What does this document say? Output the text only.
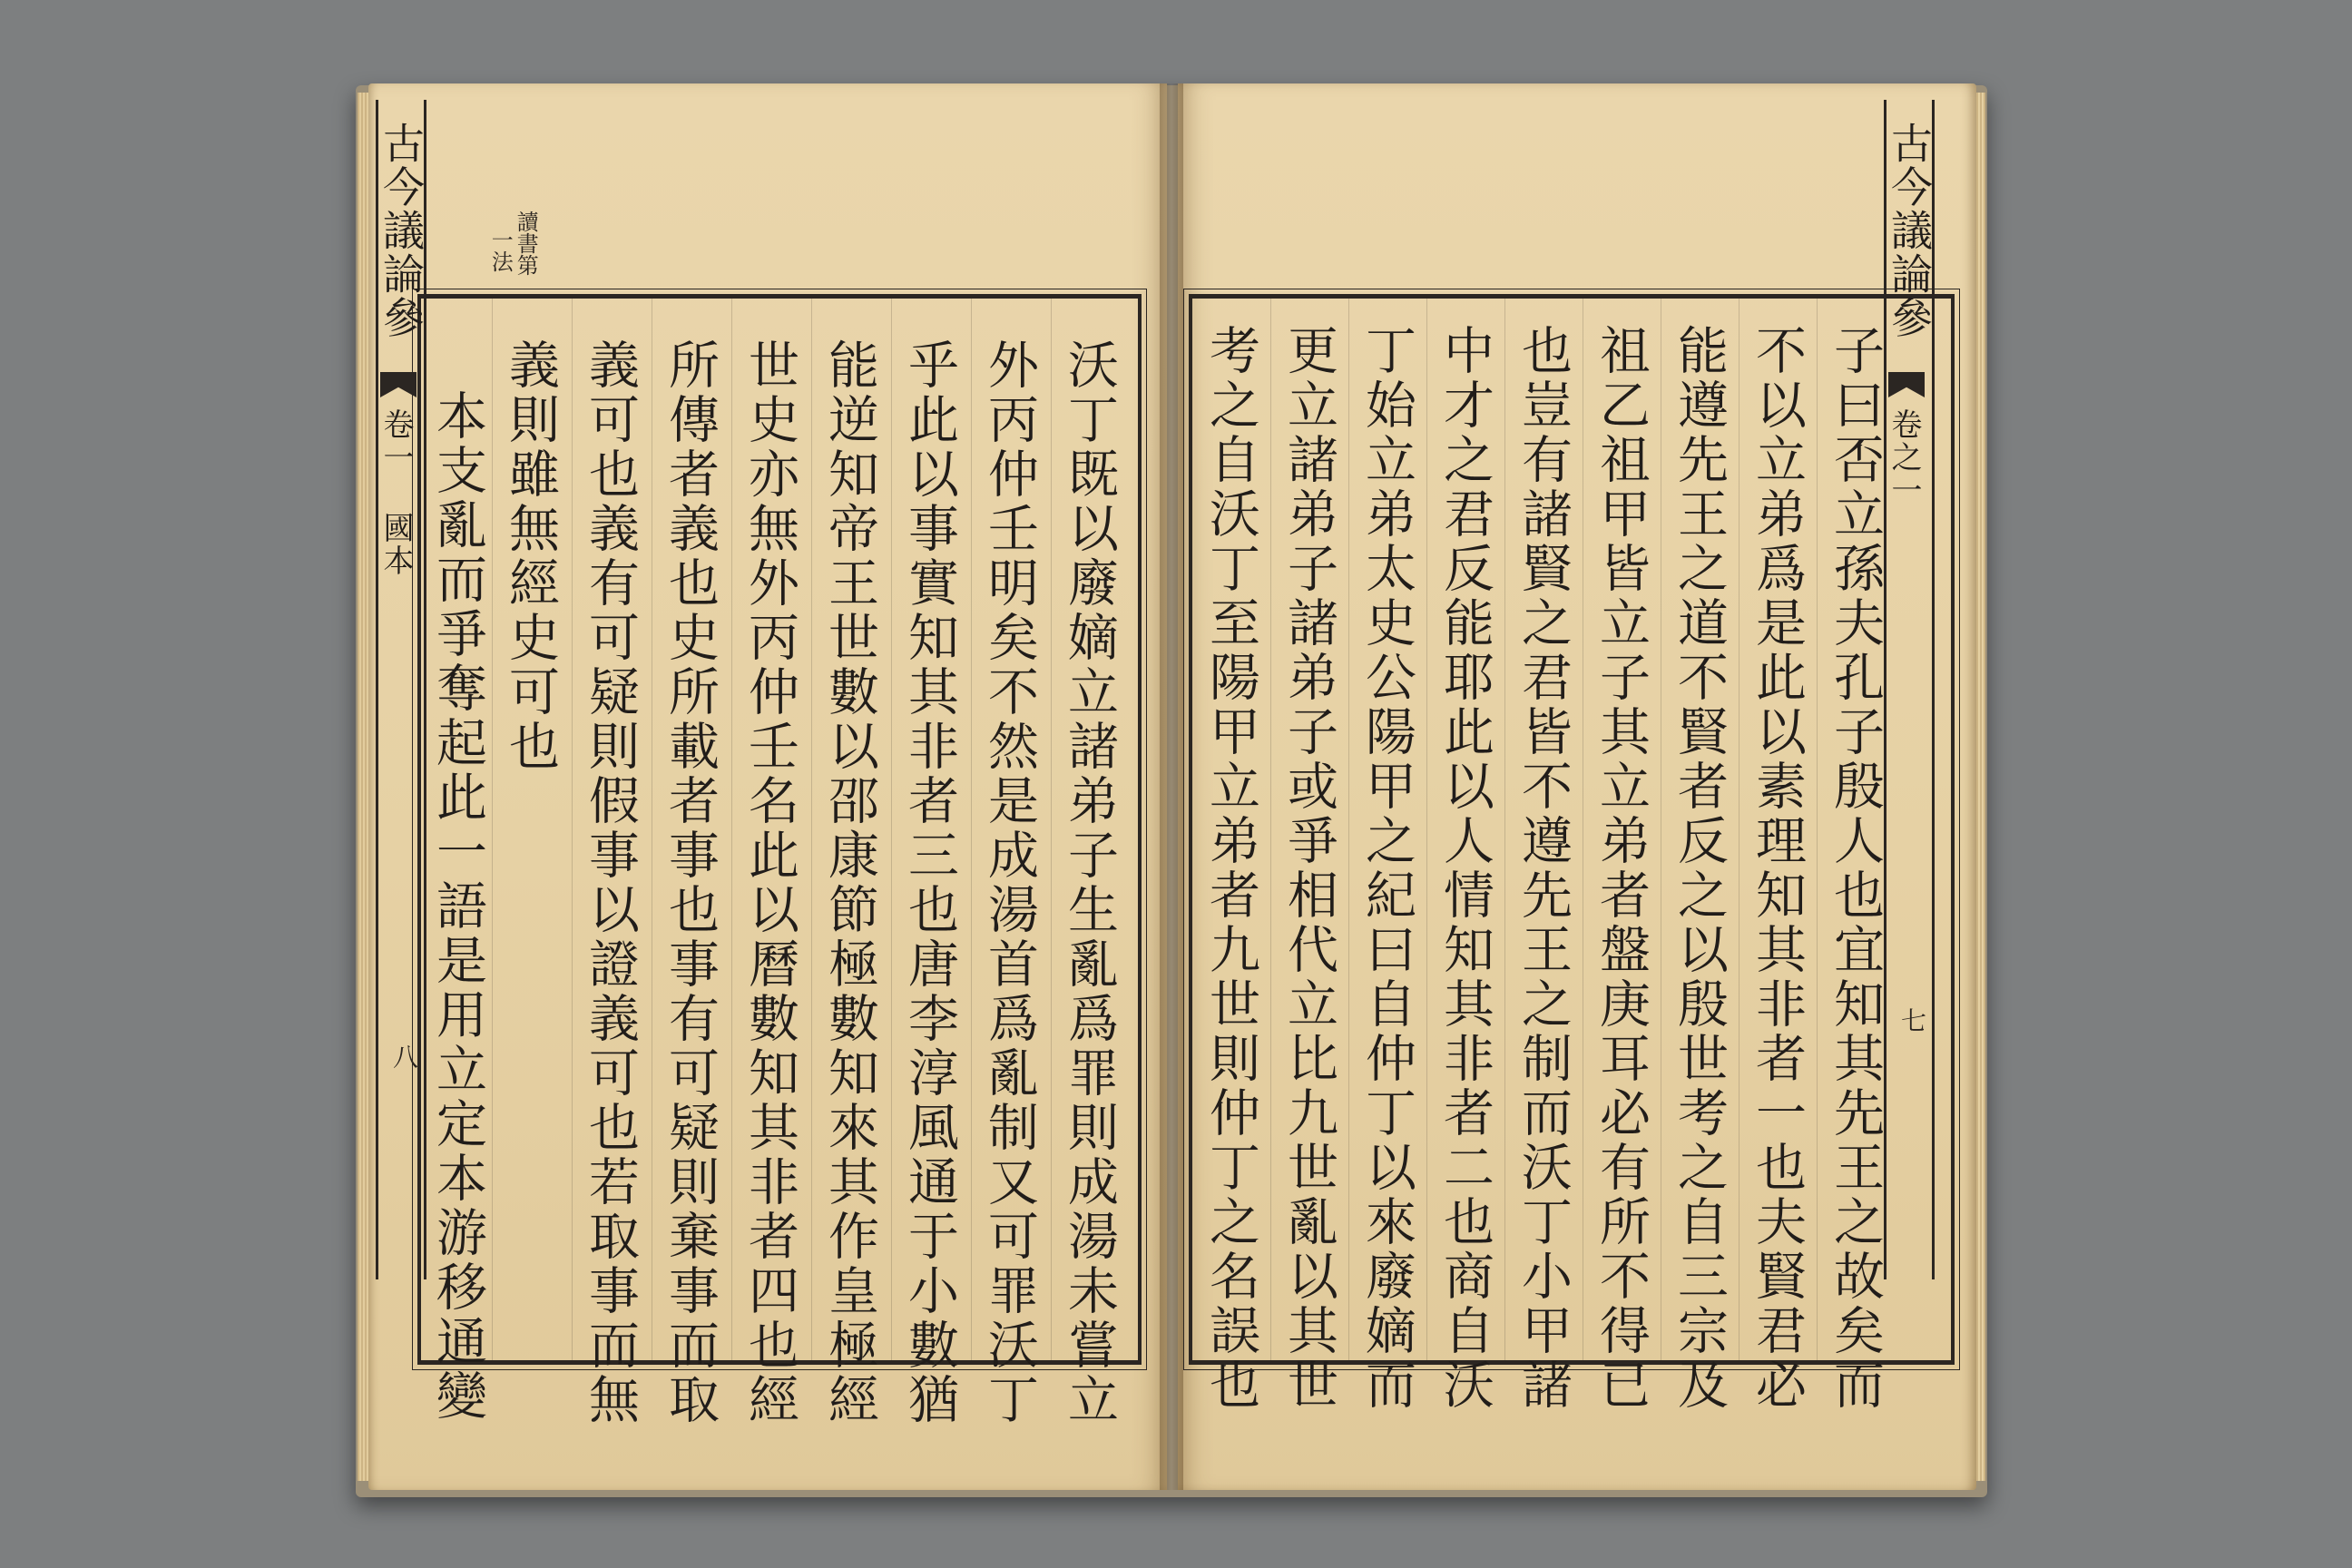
讀書第
一法
沃丁既以廢嫡立諸弟子生亂爲罪則成湯未嘗立
外丙仲壬明矣不然是成湯首爲亂制又可罪沃丁
乎此以事實知其非者三也唐李淳風通于小數猶
能逆知帝王世數以邵康節極數知來其作皇極經
世史亦無外丙仲壬名此以曆數知其非者四也經
所傳者義也史所載者事也事有可疑則棄事而取
義可也義有可疑則假事以證義可也若取事而無
義則雖無經史可也
本支亂而爭奪起此一語是用立定本游移通變
古今議論參
卷一 國本
八	子曰否立孫夫孔子殷人也宜知其先王之故矣而
不以立弟爲是此以素理知其非者一也夫賢君必
能遵先王之道不賢者反之以殷世考之自三宗及
祖乙祖甲皆立子其立弟者盤庚耳必有所不得已
也豈有諸賢之君皆不遵先王之制而沃丁小甲諸
中才之君反能耶此以人情知其非者二也商自沃
丁始立弟太史公陽甲之紀曰自仲丁以來廢嫡而
更立諸弟子諸弟子或爭相代立比九世亂以其世
考之自沃丁至陽甲立弟者九世則仲丁之名誤也
古今議論參
卷之一
七
